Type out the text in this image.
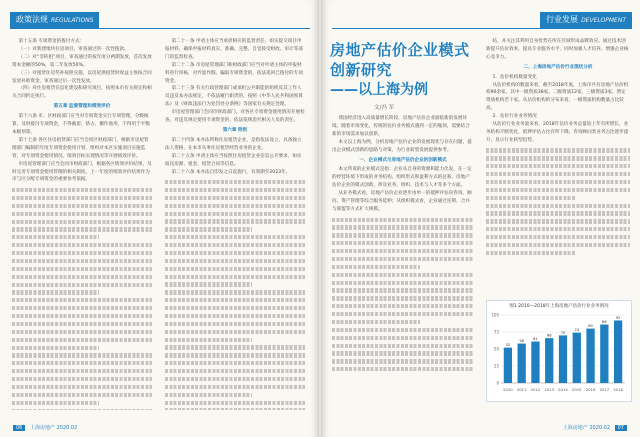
政策法规 REGULATIONS

第十五条 专项资金的拨付方式：

（一）对新建地块住房项目，审查通过的一次性拨款。

（二）对“非转租”项目，审查通过的按年度分两期发放，首次发放资本金额的50%，第二年发放50%。

（三）对租赁住房奖补按照实施，以房屋供租赁时收益主体按合同发放补助资金，审查通过后一次性发放。

（四）对住房租赁信息化建设和研究项目，按照本市有关规定和相关合同约定执行。

第五章 监督管理和绩效评价

第十六条 市、区财政部门应当对专项资金实行专项管理，分级核算，及时拨付专项资金，不得截留、挤占、挪作他用，不得用于平衡本级预算。

第十七条 各区住房租赁部门应当会同区财政部门，根据市房屋管理部门编制的年度专项资金使用计划，组织对本区实施项目实施监管，对专项资金使用情况、绩效目标实现情况等开展绩效评价。

市房屋管理部门应当会同市财政部门，根据各区绩效评价结果，及时完善专项资金使用管理的相关制度。上一年度的绩效评价结果作为市与区分配专项资金的重要参考依据。

第二十一条 申请主体应当承担相应的监督责任，如实提交项目申报材料，确保申报材料真实、准确、完整，自觉接受财政、审计等部门的监督检查。

第二十二条 市房屋管理部门和财政部门应当对申请主体的申报材料进行审核，对弄虚作假、骗取专项资金的，依法追回已拨付的专项资金。

第二十三条 有关行政管理部门或承担公共职能的组织及其工作人员违反本办法规定，不依法履行职责的，按照《中华人民共和国预算法》及《财政违法行为处罚处分条例》等国家有关规定处理。

市房屋管理部门会同市财政部门，对各区专项资金使用情况开展检查，对违反规定使用专项资金的，依法依规追究相关人员的责任。

第六章 附则

第二十四条 本办法所称住房租赁企业，是指依法设立、具备独立法人资格，在本市从事住房租赁经营业务的企业。

第二十五条 申请主体应当按照住房租赁企业信息公开要求，如实报送房源、租金、租赁合同等信息。

第二十六条 本办法自印发之日起施行，有效期至2023年。

06 上海房地产 2020.02
行业发展 DEVELOPMENT

房地产估价企业模式创新研究

——以上海为例

文/冯 军

我国经济进入高质量增长阶段，房地产估价企业面临新的发展环境。随着市场变化，传统的估价业务模式遇到一定的瓶颈，需要结合新的市场需求加以创新。

本文以上海为例，分析房地产估价企业的发展现状与存在问题，提出企业模式创新的思路与对策，为行业转型发展提供参考。

一、企业模式与房地产估价企业的创新模式

本文所说的企业模式是指：企业从自身的资源和能力出发，在一定的经营环境下形成的业务结构、组织形式和盈利方式的总和。房地产估价企业的模式创新，涉及业务、组织、技术与人才等多个方面。

从业务模式看，房地产估价企业逐步由单一的抵押评估向咨询、顾问、资产管理等综合服务延伸；从组织模式看，企业通过连锁、合并与联盟等方式扩大规模。

结，并关注其利用自身优势在所在区域形成品牌效应。通过技术创新提升估价效率，提高专业服务水平，同时加强人才培养，增强企业核心竞争力。

二、上海房地产估价行业现状分析

1．估价机构数量变化

从估价机构的数量来看，截至2018年底，上海市共有房地产估价机构90余家。其中一级资质38家，二级资质12家，三级资质3家，暂定资质机构若干家。从估价机构的分布来看，一级资质机构数量占比较高。

2．估价行业业务情况

从估价行业业务量来看，2018年估价业务总量较上年有所增长，业务结构不断优化，抵押评估占比有所下降，咨询顾问类业务占比逐步提升，显示行业转型趋势。

图1 2010—2018年上海房地产估价行业业务情况
0
25
50
75
100
52
2010
58
2011
61
2012
66
2013
70
2014
74
2015
80
2016
86
2017
92
2018
上海房地产 2020.02 07
